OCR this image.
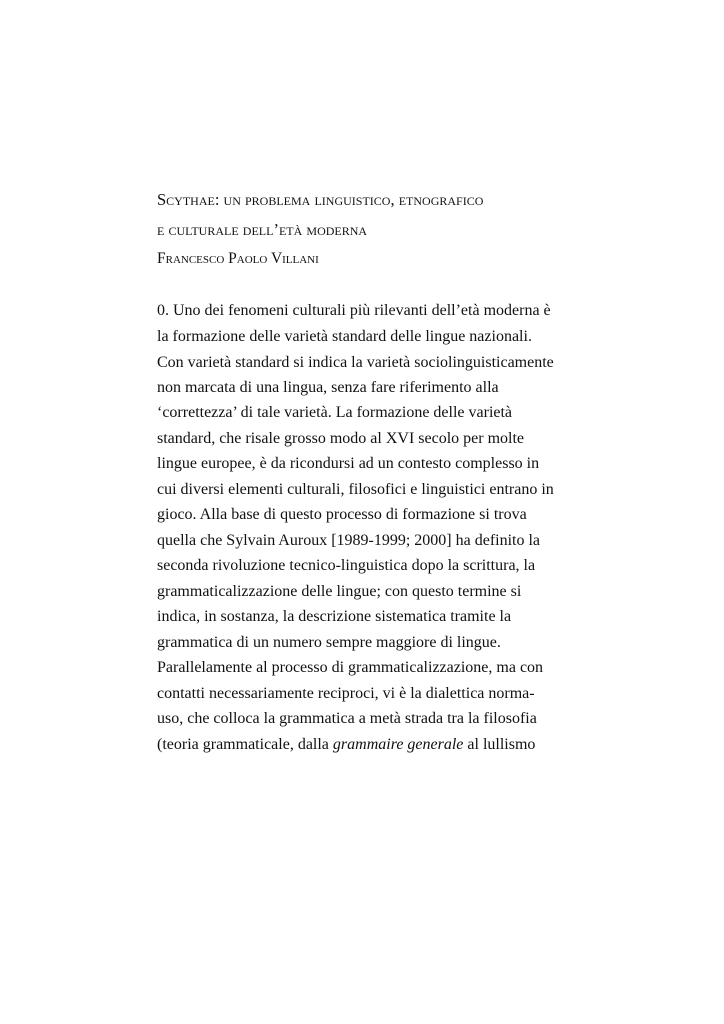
Scythae: un problema linguistico, etnografico
e culturale dell’età moderna
Francesco Paolo Villani
0. Uno dei fenomeni culturali più rilevanti dell’età moderna è
la formazione delle varietà standard delle lingue nazionali.
Con varietà standard si indica la varietà sociolinguisticamente
non marcata di una lingua, senza fare riferimento alla
‘correttezza’ di tale varietà. La formazione delle varietà
standard, che risale grosso modo al XVI secolo per molte
lingue europee, è da ricondursi ad un contesto complesso in
cui diversi elementi culturali, filosofici e linguistici entrano in
gioco. Alla base di questo processo di formazione si trova
quella che Sylvain Auroux [1989-1999; 2000] ha definito la
seconda rivoluzione tecnico-linguistica dopo la scrittura, la
grammaticalizzazione delle lingue; con questo termine si
indica, in sostanza, la descrizione sistematica tramite la
grammatica di un numero sempre maggiore di lingue.
Parallelamente al processo di grammaticalizzazione, ma con
contatti necessariamente reciproci, vi è la dialettica norma-
uso, che colloca la grammatica a metà strada tra la filosofia
(teoria grammaticale, dalla grammaire generale al lullismo
